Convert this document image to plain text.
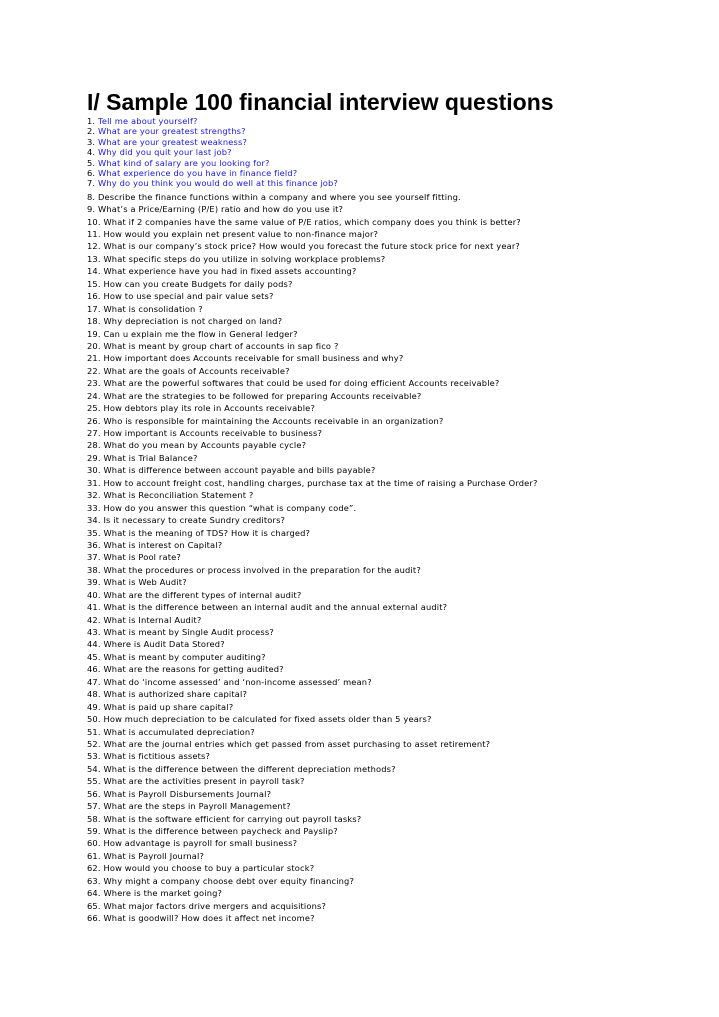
I/ Sample 100 financial interview questions
1. Tell me about yourself?
2. What are your greatest strengths?
3. What are your greatest weakness?
4. Why did you quit your last job?
5. What kind of salary are you looking for?
6. What experience do you have in finance field?
7. Why do you think you would do well at this finance job?
8. Describe the finance functions within a company and where you see yourself fitting.
9. What’s a Price/Earning (P/E) ratio and how do you use it?
10. What if 2 companies have the same value of P/E ratios, which company does you think is better?
11. How would you explain net present value to non-finance major?
12. What is our company’s stock price? How would you forecast the future stock price for next year?
13. What specific steps do you utilize in solving workplace problems?
14. What experience have you had in fixed assets accounting?
15. How can you create Budgets for daily pods?
16. How to use special and pair value sets?
17. What is consolidation ?
18. Why depreciation is not charged on land?
19. Can u explain me the flow in General ledger?
20. What is meant by group chart of accounts in sap fico ?
21. How important does Accounts receivable for small business and why?
22. What are the goals of Accounts receivable?
23. What are the powerful softwares that could be used for doing efficient Accounts receivable?
24. What are the strategies to be followed for preparing Accounts receivable?
25. How debtors play its role in Accounts receivable?
26. Who is responsible for maintaining the Accounts receivable in an organization?
27. How important is Accounts receivable to business?
28. What do you mean by Accounts payable cycle?
29. What is Trial Balance?
30. What is difference between account payable and bills payable?
31. How to account freight cost, handling charges, purchase tax at the time of raising a Purchase Order?
32. What is Reconciliation Statement ?
33. How do you answer this question “what is company code”.
34. Is it necessary to create Sundry creditors?
35. What is the meaning of TDS? How it is charged?
36. What is interest on Capital?
37. What is Pool rate?
38. What the procedures or process involved in the preparation for the audit?
39. What is Web Audit?
40. What are the different types of internal audit?
41. What is the difference between an internal audit and the annual external audit?
42. What is Internal Audit?
43. What is meant by Single Audit process?
44. Where is Audit Data Stored?
45. What is meant by computer auditing?
46. What are the reasons for getting audited?
47. What do ‘income assessed’ and ‘non-income assessed’ mean?
48. What is authorized share capital?
49. What is paid up share capital?
50. How much depreciation to be calculated for fixed assets older than 5 years?
51. What is accumulated depreciation?
52. What are the journal entries which get passed from asset purchasing to asset retirement?
53. What is fictitious assets?
54. What is the difference between the different depreciation methods?
55. What are the activities present in payroll task?
56. What is Payroll Disbursements Journal?
57. What are the steps in Payroll Management?
58. What is the software efficient for carrying out payroll tasks?
59. What is the difference between paycheck and Payslip?
60. How advantage is payroll for small business?
61. What is Payroll Journal?
62. How would you choose to buy a particular stock?
63. Why might a company choose debt over equity financing?
64. Where is the market going?
65. What major factors drive mergers and acquisitions?
66. What is goodwill? How does it affect net income?
